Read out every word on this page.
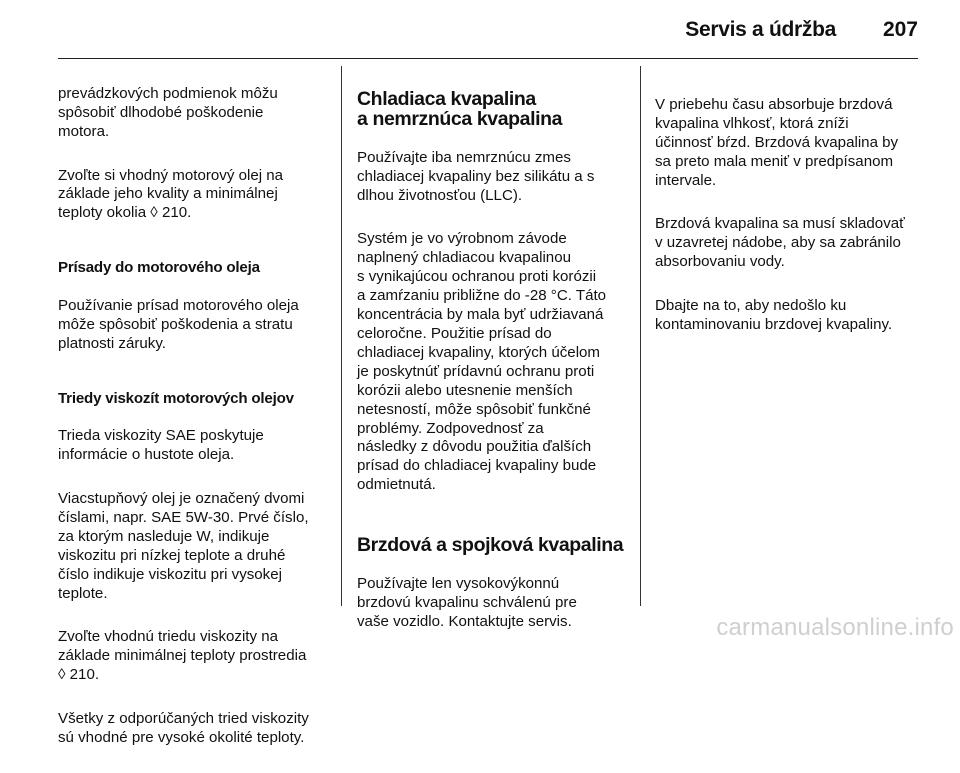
Servis a údržba 207

prevádzkových podmienok môžu
spôsobiť dlhodobé poškodenie
motora.

Zvoľte si vhodný motorový olej na
základe jeho kvality a minimálnej
teploty okolia ◊ 210.

Prísady do motorového oleja

Používanie prísad motorového oleja
môže spôsobiť poškodenia a stratu
platnosti záruky.

Triedy viskozít motorových olejov

Trieda viskozity SAE poskytuje
informácie o hustote oleja.

Viacstupňový olej je označený dvomi
číslami, napr. SAE 5W-30. Prvé číslo,
za ktorým nasleduje W, indikuje
viskozitu pri nízkej teplote a druhé
číslo indikuje viskozitu pri vysokej
teplote.

Zvoľte vhodnú triedu viskozity na
základe minimálnej teploty prostredia
◊ 210.

Všetky z odporúčaných tried viskozity
sú vhodné pre vysoké okolité teploty.

Chladiaca kvapalina
a nemrznúca kvapalina

Používajte iba nemrznúcu zmes
chladiacej kvapaliny bez silikátu a s
dlhou životnosťou (LLC).

Systém je vo výrobnom závode
naplnený chladiacou kvapalinou
s vynikajúcou ochranou proti korózii
a zamŕzaniu približne do -28 °C. Táto
koncentrácia by mala byť udržiavaná
celоročne. Použitie prísad do
chladiacej kvapaliny, ktorých účelom
je poskytnúť prídavnú ochranu proti
korózii alebo utesnenie menších
netesností, môže spôsobiť funkčné
problémy. Zodpovednosť za
následky z dôvodu použitia ďalších
prísad do chladiacej kvapaliny bude
odmietnutá.

Brzdová a spojková kvapalina

Používajte len vysokovýkonnú
brzdovú kvapalinu schválenú pre
vaše vozidlo. Kontaktujte servis.

V priebehu času absorbuje brzdová
kvapalina vlhkosť, ktorá zníži
účinnosť bŕzd. Brzdová kvapalina by
sa preto mala meniť v predpísanom
intervale.

Brzdová kvapalina sa musí skladovať
v uzavretej nádobe, aby sa zabránilo
absorbovaniu vody.

Dbajte na to, aby nedošlo ku
kontaminovaniu brzdovej kvapaliny.

carmanualsonline.info
